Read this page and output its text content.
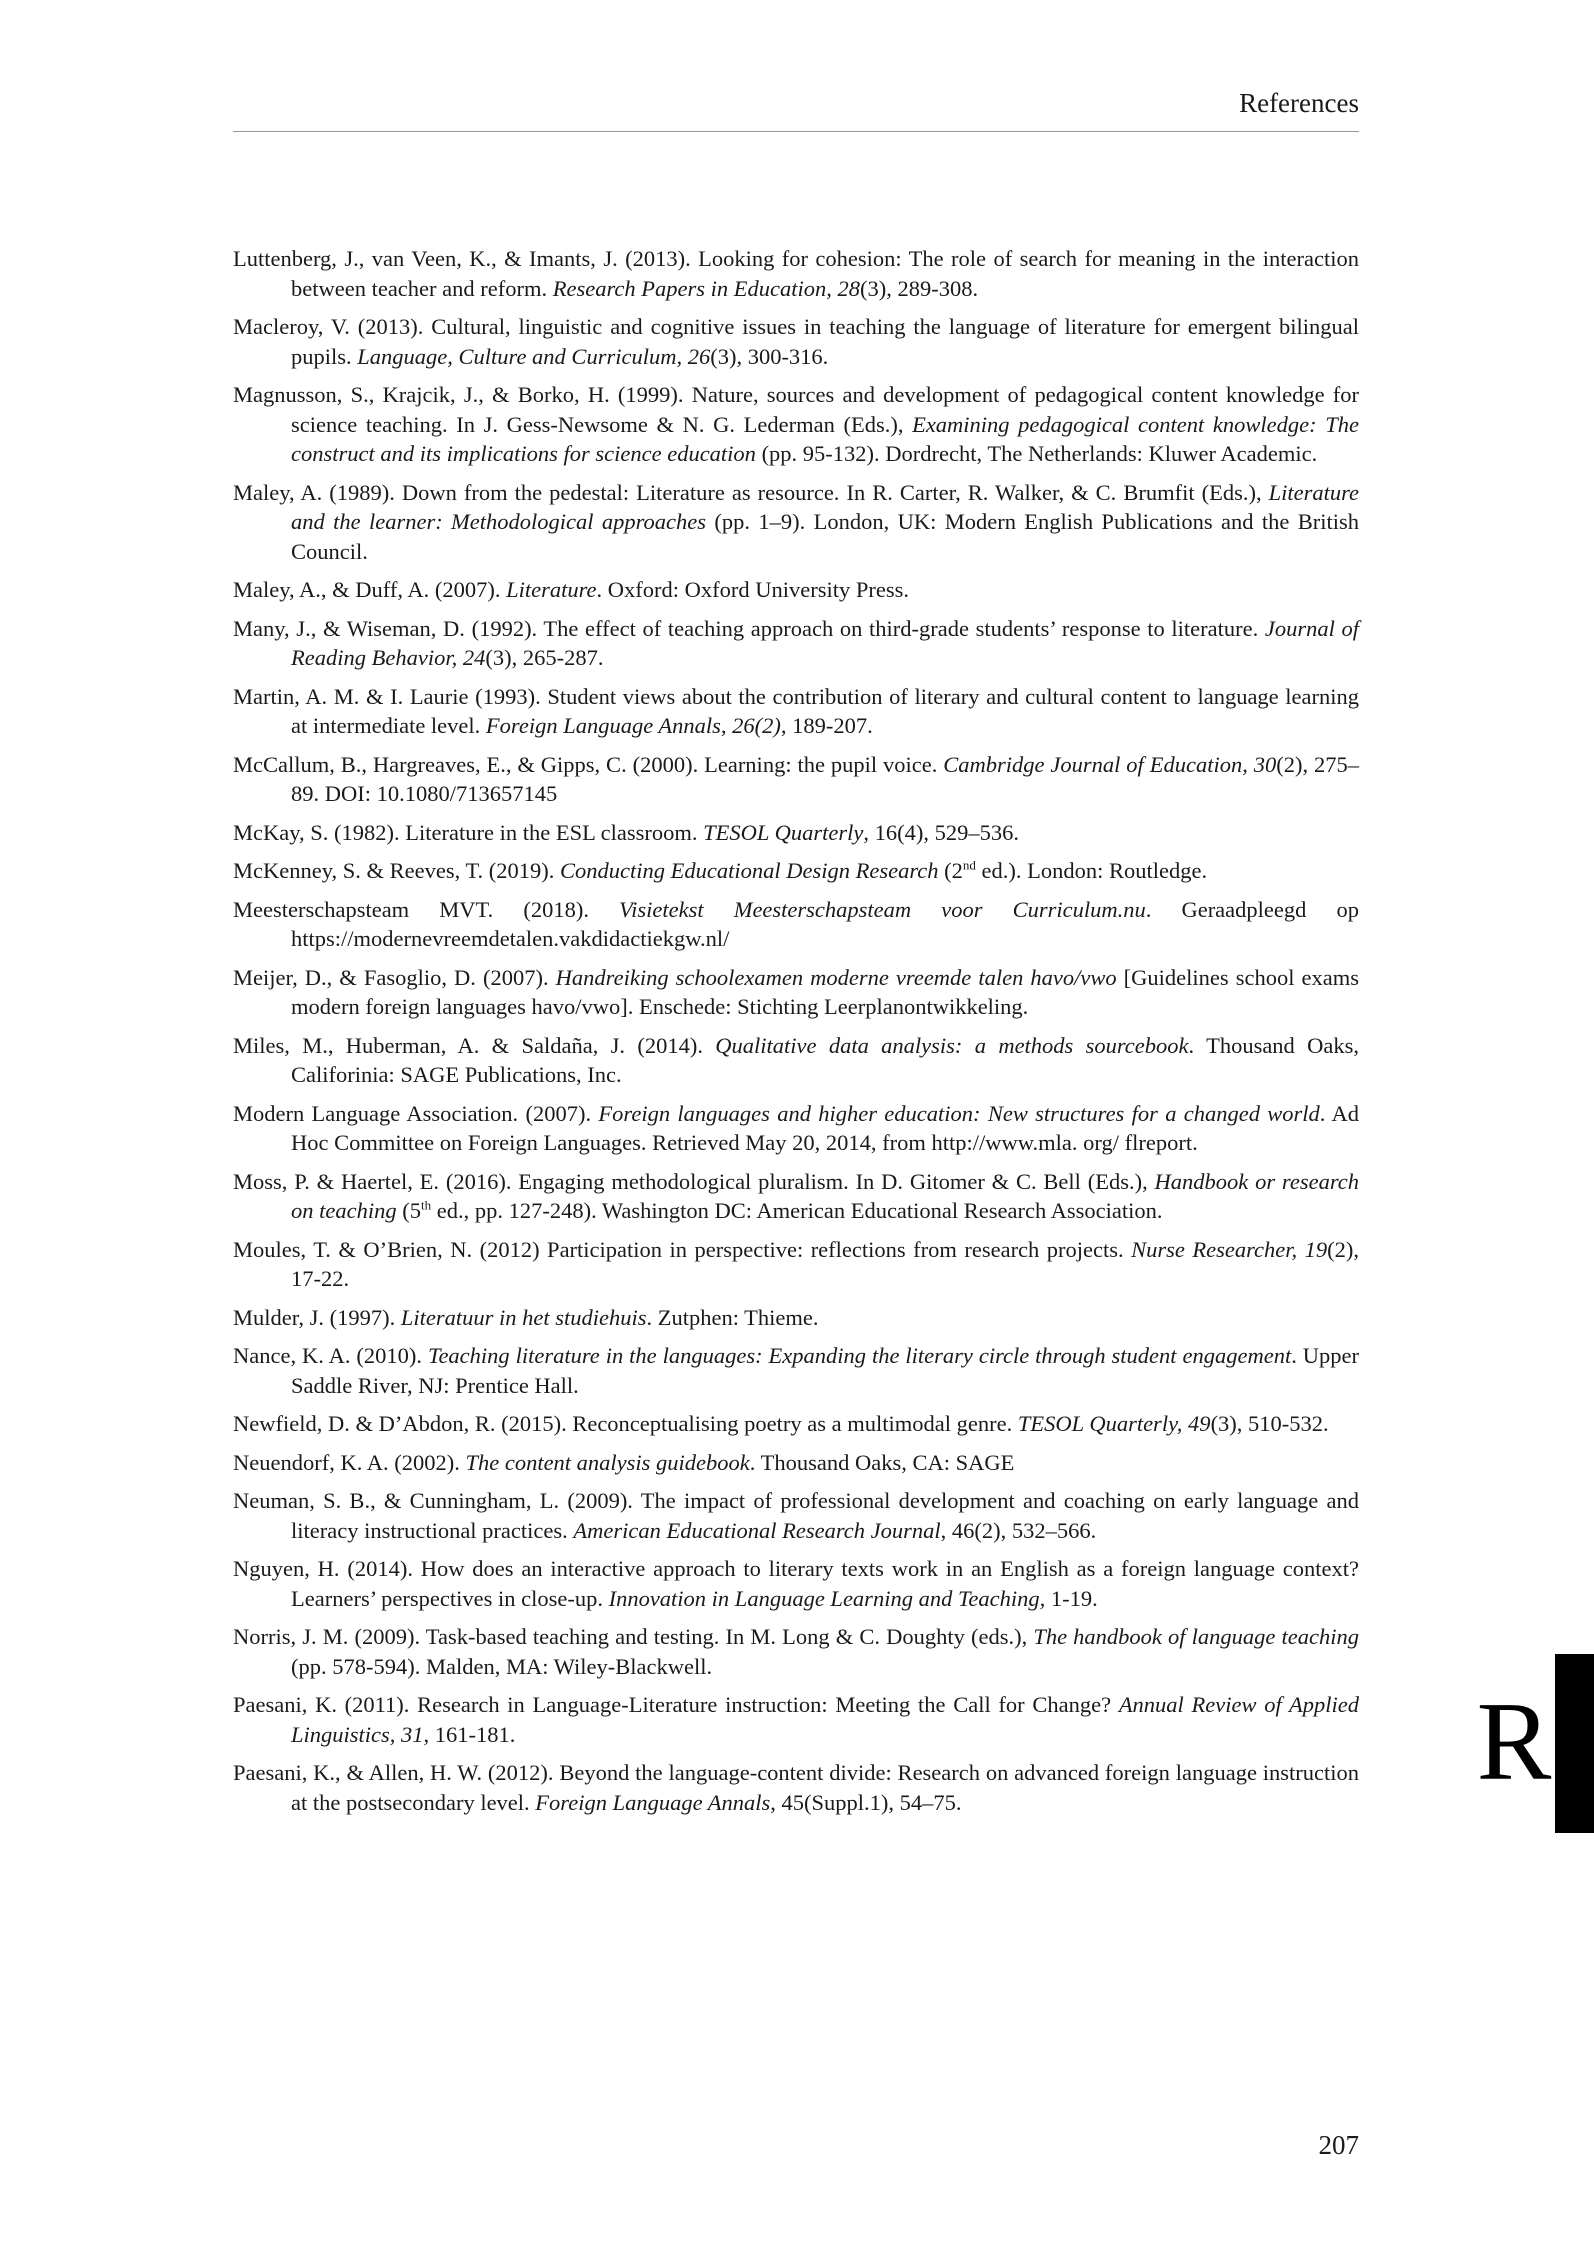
References

Luttenberg, J., van Veen, K., & Imants, J. (2013). Looking for cohesion: The role of search for meaning in the interaction between teacher and reform. Research Papers in Education, 28(3), 289-308.

Macleroy, V. (2013). Cultural, linguistic and cognitive issues in teaching the language of literature for emergent bilingual pupils. Language, Culture and Curriculum, 26(3), 300-316.

Magnusson, S., Krajcik, J., & Borko, H. (1999). Nature, sources and development of pedagogical content knowledge for science teaching. In J. Gess-Newsome & N. G. Lederman (Eds.), Examining pedagogical content knowledge: The construct and its implications for science education (pp. 95-132). Dordrecht, The Netherlands: Kluwer Academic.

Maley, A. (1989). Down from the pedestal: Literature as resource. In R. Carter, R. Walker, & C. Brumfit (Eds.), Literature and the learner: Methodological approaches (pp. 1–9). London, UK: Modern English Publications and the British Council.

Maley, A., & Duff, A. (2007). Literature. Oxford: Oxford University Press.

Many, J., & Wiseman, D. (1992). The effect of teaching approach on third-grade students’ response to literature. Journal of Reading Behavior, 24(3), 265-287.

Martin, A. M. & I. Laurie (1993). Student views about the contribution of literary and cultural content to language learning at intermediate level. Foreign Language Annals, 26(2), 189-207.

McCallum, B., Hargreaves, E., & Gipps, C. (2000). Learning: the pupil voice. Cambridge Journal of Education, 30(2), 275–89. DOI: 10.1080/713657145

McKay, S. (1982). Literature in the ESL classroom. TESOL Quarterly, 16(4), 529–536.

McKenney, S. & Reeves, T. (2019). Conducting Educational Design Research (2nd ed.). London: Routledge.

Meesterschapsteam MVT. (2018). Visietekst Meesterschapsteam voor Curriculum.nu. Geraadpleegd op https://modernevreemdetalen.vakdidactiekgw.nl/

Meijer, D., & Fasoglio, D. (2007). Handreiking schoolexamen moderne vreemde talen havo/vwo [Guidelines school exams modern foreign languages havo/vwo]. Enschede: Stichting Leerplanontwikkeling.

Miles, M., Huberman, A. & Saldaña, J. (2014). Qualitative data analysis: a methods sourcebook. Thousand Oaks, Califorinia: SAGE Publications, Inc.

Modern Language Association. (2007). Foreign languages and higher education: New structures for a changed world. Ad Hoc Committee on Foreign Languages. Retrieved May 20, 2014, from http://www.mla. org/ flreport.

Moss, P. & Haertel, E. (2016). Engaging methodological pluralism. In D. Gitomer & C. Bell (Eds.), Handbook or research on teaching (5th ed., pp. 127-248). Washington DC: American Educational Research Association.

Moules, T. & O’Brien, N. (2012) Participation in perspective: reflections from research projects. Nurse Researcher, 19(2), 17-22.

Mulder, J. (1997). Literatuur in het studiehuis. Zutphen: Thieme.

Nance, K. A. (2010). Teaching literature in the languages: Expanding the literary circle through student engagement. Upper Saddle River, NJ: Prentice Hall.

Newfield, D. & D’Abdon, R. (2015). Reconceptualising poetry as a multimodal genre. TESOL Quarterly, 49(3), 510-532.

Neuendorf, K. A. (2002). The content analysis guidebook. Thousand Oaks, CA: SAGE

Neuman, S. B., & Cunningham, L. (2009). The impact of professional development and coaching on early language and literacy instructional practices. American Educational Research Journal, 46(2), 532–566.

Nguyen, H. (2014). How does an interactive approach to literary texts work in an English as a foreign language context? Learners’ perspectives in close-up. Innovation in Language Learning and Teaching, 1-19.

Norris, J. M. (2009). Task-based teaching and testing. In M. Long & C. Doughty (eds.), The handbook of language teaching (pp. 578-594). Malden, MA: Wiley-Blackwell.

Paesani, K. (2011). Research in Language-Literature instruction: Meeting the Call for Change? Annual Review of Applied Linguistics, 31, 161-181.

Paesani, K., & Allen, H. W. (2012). Beyond the language-content divide: Research on advanced foreign language instruction at the postsecondary level. Foreign Language Annals, 45(Suppl.1), 54–75.	R
207
